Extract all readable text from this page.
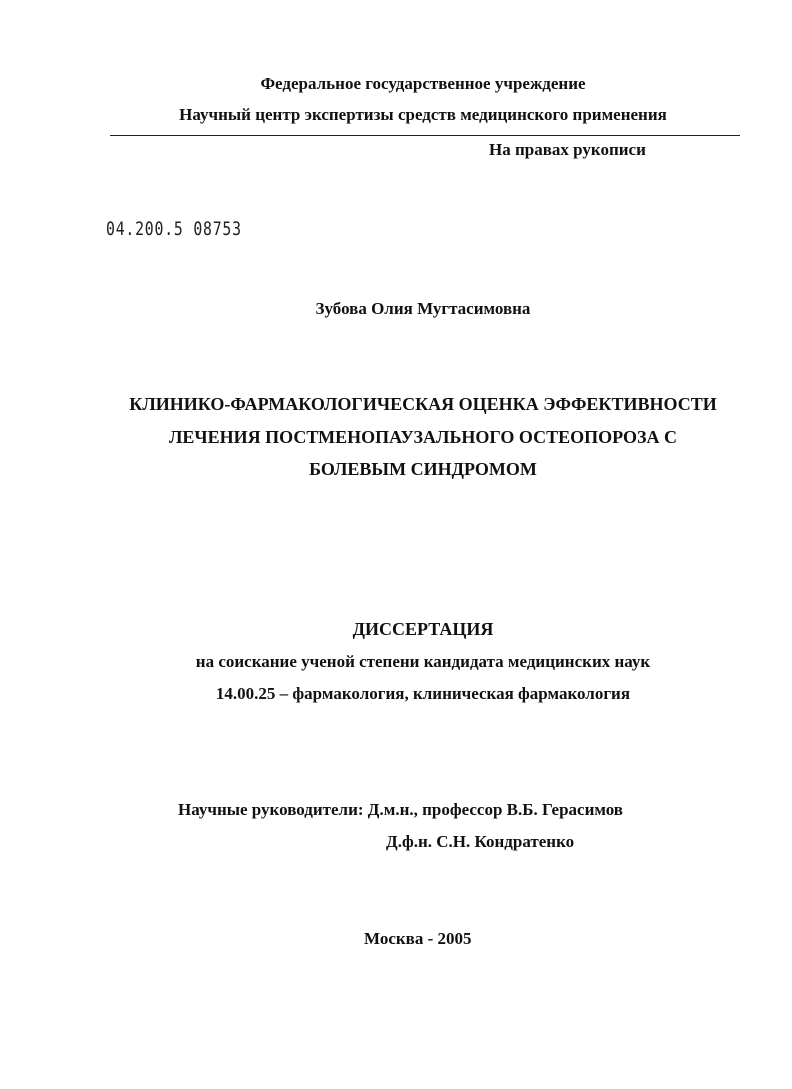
Федеральное государственное учреждение
Научный центр экспертизы средств медицинского применения
На правах рукописи
04.200.5 08753
Зубова Олия Мугтасимовна
КЛИНИКО-ФАРМАКОЛОГИЧЕСКАЯ ОЦЕНКА ЭФФЕКТИВНОСТИ
ЛЕЧЕНИЯ ПОСТМЕНОПАУЗАЛЬНОГО ОСТЕОПОРОЗА С
БОЛЕВЫМ СИНДРОМОМ
ДИССЕРТАЦИЯ
на соискание ученой степени кандидата медицинских наук
14.00.25 – фармакология, клиническая фармакология
Научные руководители: Д.м.н., профессор В.Б. Герасимов
Д.ф.н. С.Н. Кондратенко
Москва - 2005
